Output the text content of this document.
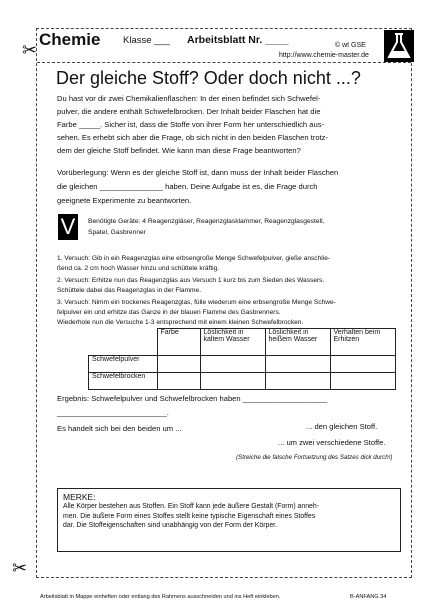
✂
✂
Chemie Klasse ___ Arbeitsblatt Nr. ____	© wt GSE
http://www.chemie-master.de
Der gleiche Stoff? Oder doch nicht ...?
Du hast vor dir zwei Chemikalienflaschen: In der einen befindet sich Schwefel-
pulver, die andere enthält Schwefelbrocken. Der Inhalt beider Flaschen hat die
Farbe _____. Sicher ist, dass die Stoffe von ihrer Form her unterschiedlich aus-
sehen. Es erhebt sich aber die Frage, ob sich nicht in den beiden Flaschen trotz-
dem der gleiche Stoff befindet. Wie kann man diese Frage beantworten?
Vorüberlegung: Wenn es der gleiche Stoff ist, dann muss der Inhalt beider Flaschen
die gleichen _______________ haben. Deine Aufgabe ist es, die Frage durch
geeignete Experimente zu beantworten.
V	Benötigte Geräte: 4 Reagenzgläser, Reagenzglasklammer, Reagenzglasgestell,
Spatel, Gasbrenner
1. Versuch: Gib in ein Reagenzglas eine erbsengroße Menge Schwefelpulver, gieße anschlie-
ßend ca. 2 cm hoch Wasser hinzu und schüttele kräftig.
2. Versuch: Erhitze nun das Reagenzglas aus Versuch 1 kurz bis zum Sieden des Wassers.
Schüttele dabei das Reagenzglas in der Flamme.
3. Versuch: Nimm ein trockenes Reagenzglas, fülle wiederum eine erbsengroße Menge Schwe-
felpulver ein und erhitze das Ganze in der blauen Flamme des Gasbrenners.
Wiederhole nun die Versuche 1-3 entsprechend mit einem kleinen Schwefelbrocken.
	Farbe	Löslichkeit in kaltem Wasser	Löslichkeit in heißem Wasser	Verhalten beim Erhitzen
Schwefelpulver				
Schwefelbrocken				
Ergebnis: Schwefelpulver und Schwefelbrocken haben ____________________
__________________________.
Es handelt sich bei den beiden um ...	... den gleichen Stoff.
... um zwei verschiedene Stoffe.
(Streiche die falsche Fortsetzung des Satzes dick durch!)
MERKE:
Alle Körper bestehen aus Stoffen. Ein Stoff kann jede äußere Gestalt (Form) anneh-
men. Die äußere Form eines Stoffes stellt keine typische Eigenschaft eines Stoffes
dar. Die Stoffeigenschaften sind unabhängig von der Form der Körper.
Arbeitsblatt in Mappe einheften oder entlang des Rahmens ausschneiden und ins Heft einkleben.	B-ANFANG 34
